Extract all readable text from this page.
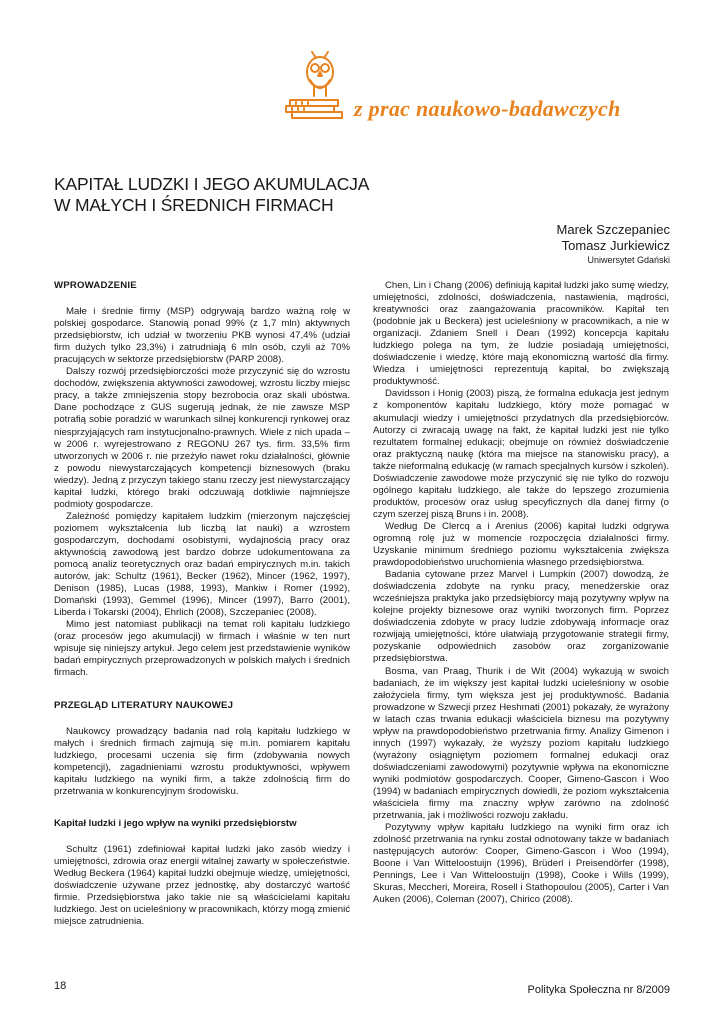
z prac naukowo-badawczych
KAPITAŁ LUDZKI I JEGO AKUMULACJA
W MAŁYCH I ŚREDNICH FIRMACH
Marek Szczepaniec
Tomasz Jurkiewicz
Uniwersytet Gdański
WPROWADZENIE

Małe i średnie firmy (MSP) odgrywają bardzo ważną rolę w polskiej gospodarce. Stanowią ponad 99% (z 1,7 mln) aktywnych przedsiębiorstw, ich udział w tworzeniu PKB wynosi 47,4% (udział firm dużych tylko 23,3%) i zatrudniają 6 mln osób, czyli aż 70% pracujących w sektorze przedsiębiorstw (PARP 2008).

Dalszy rozwój przedsiębiorczości może przyczynić się do wzrostu dochodów, zwiększenia aktywności zawodowej, wzrostu liczby miejsc pracy, a także zmniejszenia stopy bezrobocia oraz skali ubóstwa. Dane pochodzące z GUS sugerują jednak, że nie zawsze MSP potrafią sobie poradzić w warunkach silnej konkurencji rynkowej oraz niesprzyjających ram instytucjonalno-prawnych. Wiele z nich upada – w 2006 r. wyrejestrowano z REGONU 267 tys. firm. 33,5% firm utworzonych w 2006 r. nie przeżyło nawet roku działalności, głównie z powodu niewystarczających kompetencji biznesowych (braku wiedzy). Jedną z przyczyn takiego stanu rzeczy jest niewystarczający kapitał ludzki, którego braki odczuwają dotkliwie najmniejsze podmioty gospodarcze.

Zależność pomiędzy kapitałem ludzkim (mierzonym najczęściej poziomem wykształcenia lub liczbą lat nauki) a wzrostem gospodarczym, dochodami osobistymi, wydajnością pracy oraz aktywnością zawodową jest bardzo dobrze udokumentowana za pomocą analiz teoretycznych oraz badań empirycznych m.in. takich autorów, jak: Schultz (1961), Becker (1962), Mincer (1962, 1997), Denison (1985), Lucas (1988, 1993), Mankiw i Romer (1992), Domański (1993), Gemmel (1996), Mincer (1997), Barro (2001), Liberda i Tokarski (2004), Ehrlich (2008), Szczepaniec (2008).

Mimo jest natomiast publikacji na temat roli kapitału ludzkiego (oraz procesów jego akumulacji) w firmach i właśnie w ten nurt wpisuje się niniejszy artykuł. Jego celem jest przedstawienie wyników badań empirycznych przeprowadzonych w polskich małych i średnich firmach.

PRZEGLĄD LITERATURY NAUKOWEJ

Naukowcy prowadzący badania nad rolą kapitału ludzkiego w małych i średnich firmach zajmują się m.in. pomiarem kapitału ludzkiego, procesami uczenia się firm (zdobywania nowych kompetencji), zagadnieniami wzrostu produktywności, wpływem kapitału ludzkiego na wyniki firm, a także zdolnością firm do przetrwania w konkurencyjnym środowisku.

Kapitał ludzki i jego wpływ na wyniki przedsiębiorstw

Schultz (1961) zdefiniował kapitał ludzki jako zasób wiedzy i umiejętności, zdrowia oraz energii witalnej zawarty w społeczeństwie. Według Beckera (1964) kapitał ludzki obejmuje wiedzę, umiejętności, doświadczenie używane przez jednostkę, aby dostarczyć wartość firmie. Przedsiębiorstwa jako takie nie są właścicielami kapitału ludzkiego. Jest on ucieleśniony w pracownikach, którzy mogą zmienić miejsce zatrudnienia.

Chen, Lin i Chang (2006) definiują kapitał ludzki jako sumę wiedzy, umiejętności, zdolności, doświadczenia, nastawienia, mądrości, kreatywności oraz zaangażowania pracowników. Kapitał ten (podobnie jak u Beckera) jest ucieleśniony w pracownikach, a nie w organizacji. Zdaniem Snell i Dean (1992) koncepcja kapitału ludzkiego polega na tym, że ludzie posiadają umiejętności, doświadczenie i wiedzę, które mają ekonomiczną wartość dla firmy. Wiedza i umiejętności reprezentują kapitał, bo zwiększają produktywność.

Davidsson i Honig (2003) piszą, że formalna edukacja jest jednym z komponentów kapitału ludzkiego, który może pomagać w akumulacji wiedzy i umiejętności przydatnych dla przedsiębiorców. Autorzy ci zwracają uwagę na fakt, że kapitał ludzki jest nie tylko rezultatem formalnej edukacji; obejmuje on również doświadczenie oraz praktyczną naukę (która ma miejsce na stanowisku pracy), a także nieformalną edukację (w ramach specjalnych kursów i szkoleń). Doświadczenie zawodowe może przyczynić się nie tylko do rozwoju ogólnego kapitału ludzkiego, ale także do lepszego zrozumienia produktów, procesów oraz usług specyficznych dla danej firmy (o czym szerzej piszą Bruns i in. 2008).

Według De Clercq a i Arenius (2006) kapitał ludzki odgrywa ogromną rolę już w momencie rozpoczęcia działalności firmy. Uzyskanie minimum średniego poziomu wykształcenia zwiększa prawdopodobieństwo uruchomienia własnego przedsiębiorstwa.

Badania cytowane przez Marvel i Lumpkin (2007) dowodzą, że doświadczenia zdobyte na rynku pracy, menedżerskie oraz wcześniejsza praktyka jako przedsiębiorcy mają pozytywny wpływ na kolejne projekty biznesowe oraz wyniki tworzonych firm. Poprzez doświadczenia zdobyte w pracy ludzie zdobywają informacje oraz rozwijają umiejętności, które ułatwiają przygotowanie strategii firmy, pozyskanie odpowiednich zasobów oraz zorganizowanie przedsiębiorstwa.

Bosma, van Praag, Thurik i de Wit (2004) wykazują w swoich badaniach, że im większy jest kapitał ludzki ucieleśniony w osobie założyciela firmy, tym większa jest jej produktywność. Badania prowadzone w Szwecji przez Heshmati (2001) pokazały, że wyrażony w latach czas trwania edukacji właściciela biznesu ma pozytywny wpływ na prawdopodobieństwo przetrwania firmy. Analizy Gimenon i innych (1997) wykazały, że wyższy poziom kapitału ludzkiego (wyrażony osiągniętym poziomem formalnej edukacji oraz doświadczeniami zawodowymi) pozytywnie wpływa na ekonomiczne wyniki podmiotów gospodarczych. Cooper, Gimeno-Gascon i Woo (1994) w badaniach empirycznych dowiedli, że poziom wykształcenia właściciela firmy ma znaczny wpływ zarówno na zdolność przetrwania, jak i możliwości rozwoju zakładu.

Pozytywny wpływ kapitału ludzkiego na wyniki firm oraz ich zdolność przetrwania na rynku został odnotowany także w badaniach następujących autorów: Cooper, Gimeno-Gascon i Woo (1994), Boone i Van Witteloostuijn (1996), Brüderl i Preisendörfer (1998), Pennings, Lee i Van Witteloostuijn (1998), Cooke i Wills (1999), Skuras, Meccheri, Moreira, Rosell i Stathopoulou (2005), Carter i Van Auken (2006), Coleman (2007), Chirico (2008).

18	Polityka Społeczna nr 8/2009
